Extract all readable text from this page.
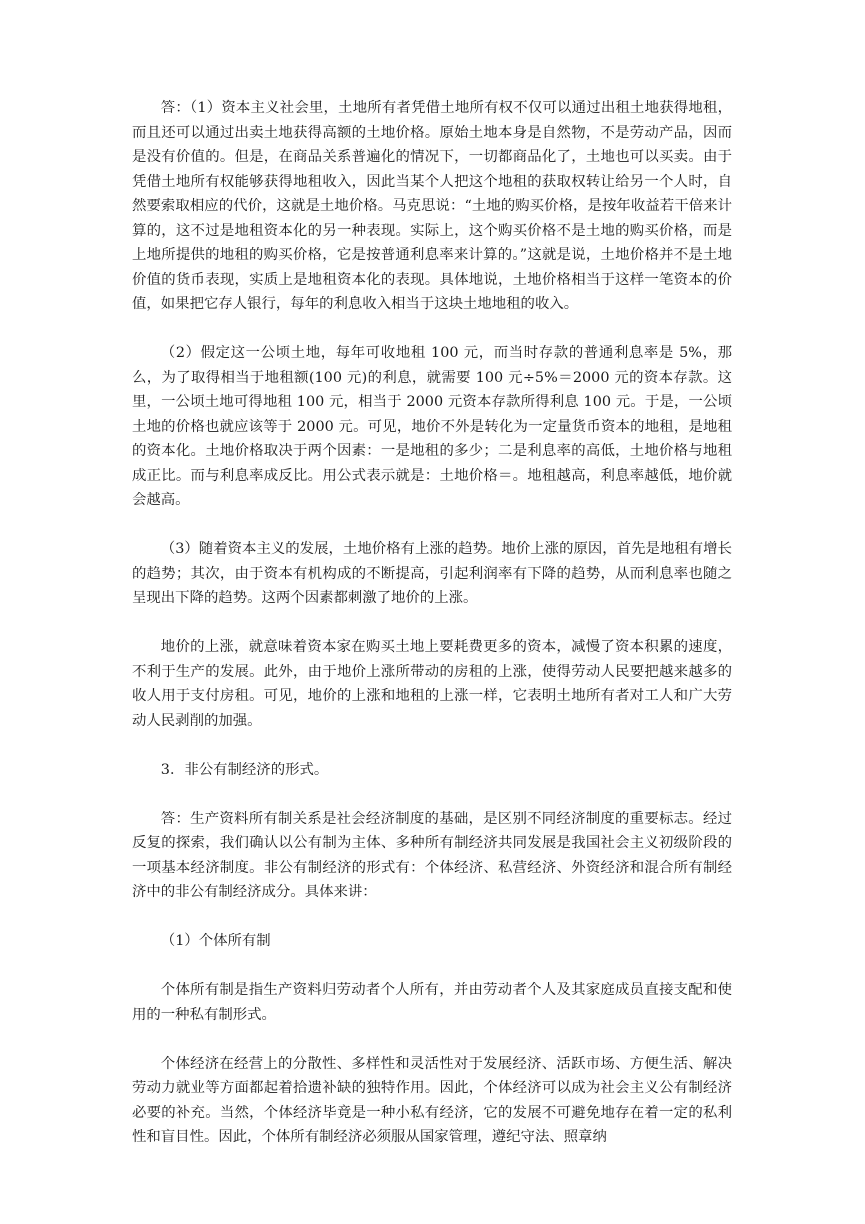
答：（1）资本主义社会里，土地所有者凭借土地所有权不仅可以通过出租土地获得地租，而且还可以通过出卖土地获得高额的土地价格。原始土地本身是自然物，不是劳动产品，因而是没有价值的。但是，在商品关系普遍化的情况下，一切都商品化了，土地也可以买卖。由于凭借土地所有权能够获得地租收入，因此当某个人把这个地租的获取权转让给另一个人时，自然要索取相应的代价，这就是土地价格。马克思说：“土地的购买价格，是按年收益若干倍来计算的，这不过是地租资本化的另一种表现。实际上，这个购买价格不是土地的购买价格，而是上地所提供的地租的购买价格，它是按普通利息率来计算的。”这就是说，土地价格并不是土地价值的货币表现，实质上是地租资本化的表现。具体地说，土地价格相当于这样一笔资本的价值，如果把它存人银行，每年的利息收入相当于这块土地地租的收入。

（2）假定这一公顷土地，每年可收地租 100 元，而当时存款的普通利息率是 5%，那么，为了取得相当于地租额(100 元)的利息，就需要 100 元÷5%＝2000 元的资本存款。这里，一公顷土地可得地租 100 元，相当于 2000 元资本存款所得利息 100 元。于是，一公顷土地的价格也就应该等于 2000 元。可见，地价不外是转化为一定量货币资本的地租，是地租的资本化。土地价格取决于两个因素：一是地租的多少；二是利息率的高低，土地价格与地租成正比。而与利息率成反比。用公式表示就是：土地价格＝。地租越高，利息率越低，地价就会越高。

（3）随着资本主义的发展，土地价格有上涨的趋势。地价上涨的原因，首先是地租有增长的趋势；其次，由于资本有机构成的不断提高，引起利润率有下降的趋势，从而利息率也随之呈现出下降的趋势。这两个因素都刺激了地价的上涨。

地价的上涨，就意味着资本家在购买土地上要耗费更多的资本，减慢了资本积累的速度，不利于生产的发展。此外，由于地价上涨所带动的房租的上涨，使得劳动人民要把越来越多的收人用于支付房租。可见，地价的上涨和地租的上涨一样，它表明土地所有者对工人和广大劳动人民剥削的加强。

3．非公有制经济的形式。

答：生产资料所有制关系是社会经济制度的基础，是区别不同经济制度的重要标志。经过反复的探索，我们确认以公有制为主体、多种所有制经济共同发展是我国社会主义初级阶段的一项基本经济制度。非公有制经济的形式有：个体经济、私营经济、外资经济和混合所有制经济中的非公有制经济成分。具体来讲：

（1）个体所有制

个体所有制是指生产资料归劳动者个人所有，并由劳动者个人及其家庭成员直接支配和使用的一种私有制形式。

个体经济在经营上的分散性、多样性和灵活性对于发展经济、活跃市场、方便生活、解决劳动力就业等方面都起着拾遗补缺的独特作用。因此，个体经济可以成为社会主义公有制经济必要的补充。当然，个体经济毕竟是一种小私有经济，它的发展不可避免地存在着一定的私利性和盲目性。因此，个体所有制经济必须服从国家管理，遵纪守法、照章纳
